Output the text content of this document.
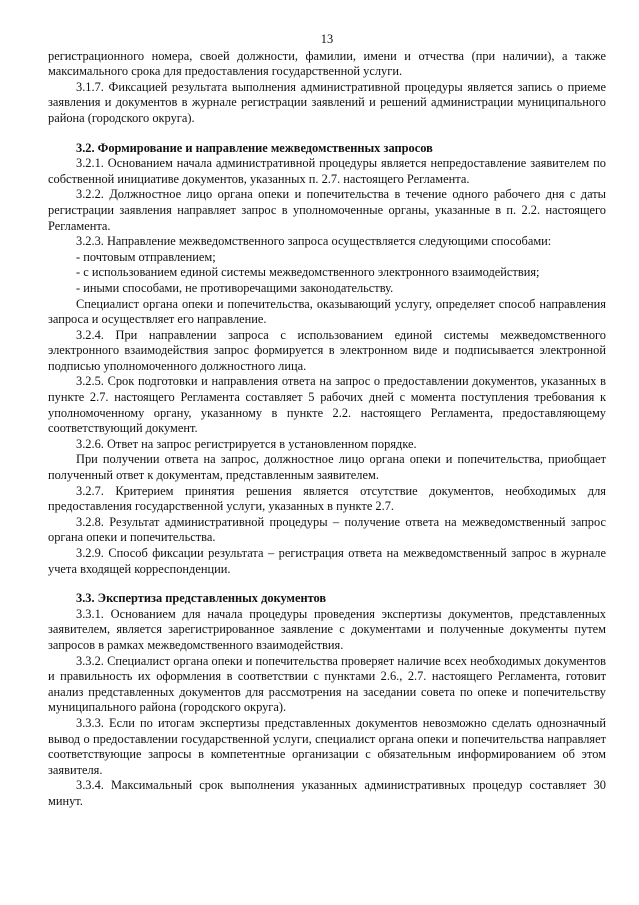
13

регистрационного номера, своей должности, фамилии, имени и отчества (при наличии), а также максимального срока для предоставления государственной услуги.

3.1.7. Фиксацией результата выполнения административной процедуры является запись о приеме заявления и документов в журнале регистрации заявлений и решений администрации муниципального района (городского округа).

3.2. Формирование и направление межведомственных запросов

3.2.1. Основанием начала административной процедуры является непредоставление заявителем по собственной инициативе документов, указанных п. 2.7. настоящего Регламента.

3.2.2. Должностное лицо органа опеки и попечительства в течение одного рабочего дня с даты регистрации заявления направляет запрос в уполномоченные органы, указанные в п. 2.2. настоящего Регламента.

3.2.3. Направление межведомственного запроса осуществляется следующими способами:

- почтовым отправлением;

- с использованием единой системы межведомственного электронного взаимодействия;

- иными способами, не противоречащими законодательству.

Специалист органа опеки и попечительства, оказывающий услугу, определяет способ направления запроса и осуществляет его направление.

3.2.4. При направлении запроса с использованием единой системы межведомственного электронного взаимодействия запрос формируется в электронном виде и подписывается электронной подписью уполномоченного должностного лица.

3.2.5. Срок подготовки и направления ответа на запрос о предоставлении документов, указанных в пункте 2.7. настоящего Регламента составляет 5 рабочих дней с момента поступления требования к уполномоченному органу, указанному в пункте 2.2. настоящего Регламента, предоставляющему соответствующий документ.

3.2.6. Ответ на запрос регистрируется в установленном порядке.

При получении ответа на запрос, должностное лицо органа опеки и попечительства, приобщает полученный ответ к документам, представленным заявителем.

3.2.7. Критерием принятия решения является отсутствие документов, необходимых для предоставления государственной услуги, указанных в пункте 2.7.

3.2.8. Результат административной процедуры – получение ответа на межведомственный запрос органа опеки и попечительства.

3.2.9. Способ фиксации результата – регистрация ответа на межведомственный запрос в журнале учета входящей корреспонденции.

3.3. Экспертиза представленных документов

3.3.1. Основанием для начала процедуры проведения экспертизы документов, представленных заявителем, является зарегистрированное заявление с документами и полученные документы путем запросов в рамках межведомственного взаимодействия.

3.3.2. Специалист органа опеки и попечительства проверяет наличие всех необходимых документов и правильность их оформления в соответствии с пунктами 2.6., 2.7. настоящего Регламента, готовит анализ представленных документов для рассмотрения на заседании совета по опеке и попечительству муниципального района (городского округа).

3.3.3. Если по итогам экспертизы представленных документов невозможно сделать однозначный вывод о предоставлении государственной услуги, специалист органа опеки и попечительства направляет соответствующие запросы в компетентные организации с обязательным информированием об этом заявителя.

3.3.4. Максимальный срок выполнения указанных административных процедур составляет 30 минут.
